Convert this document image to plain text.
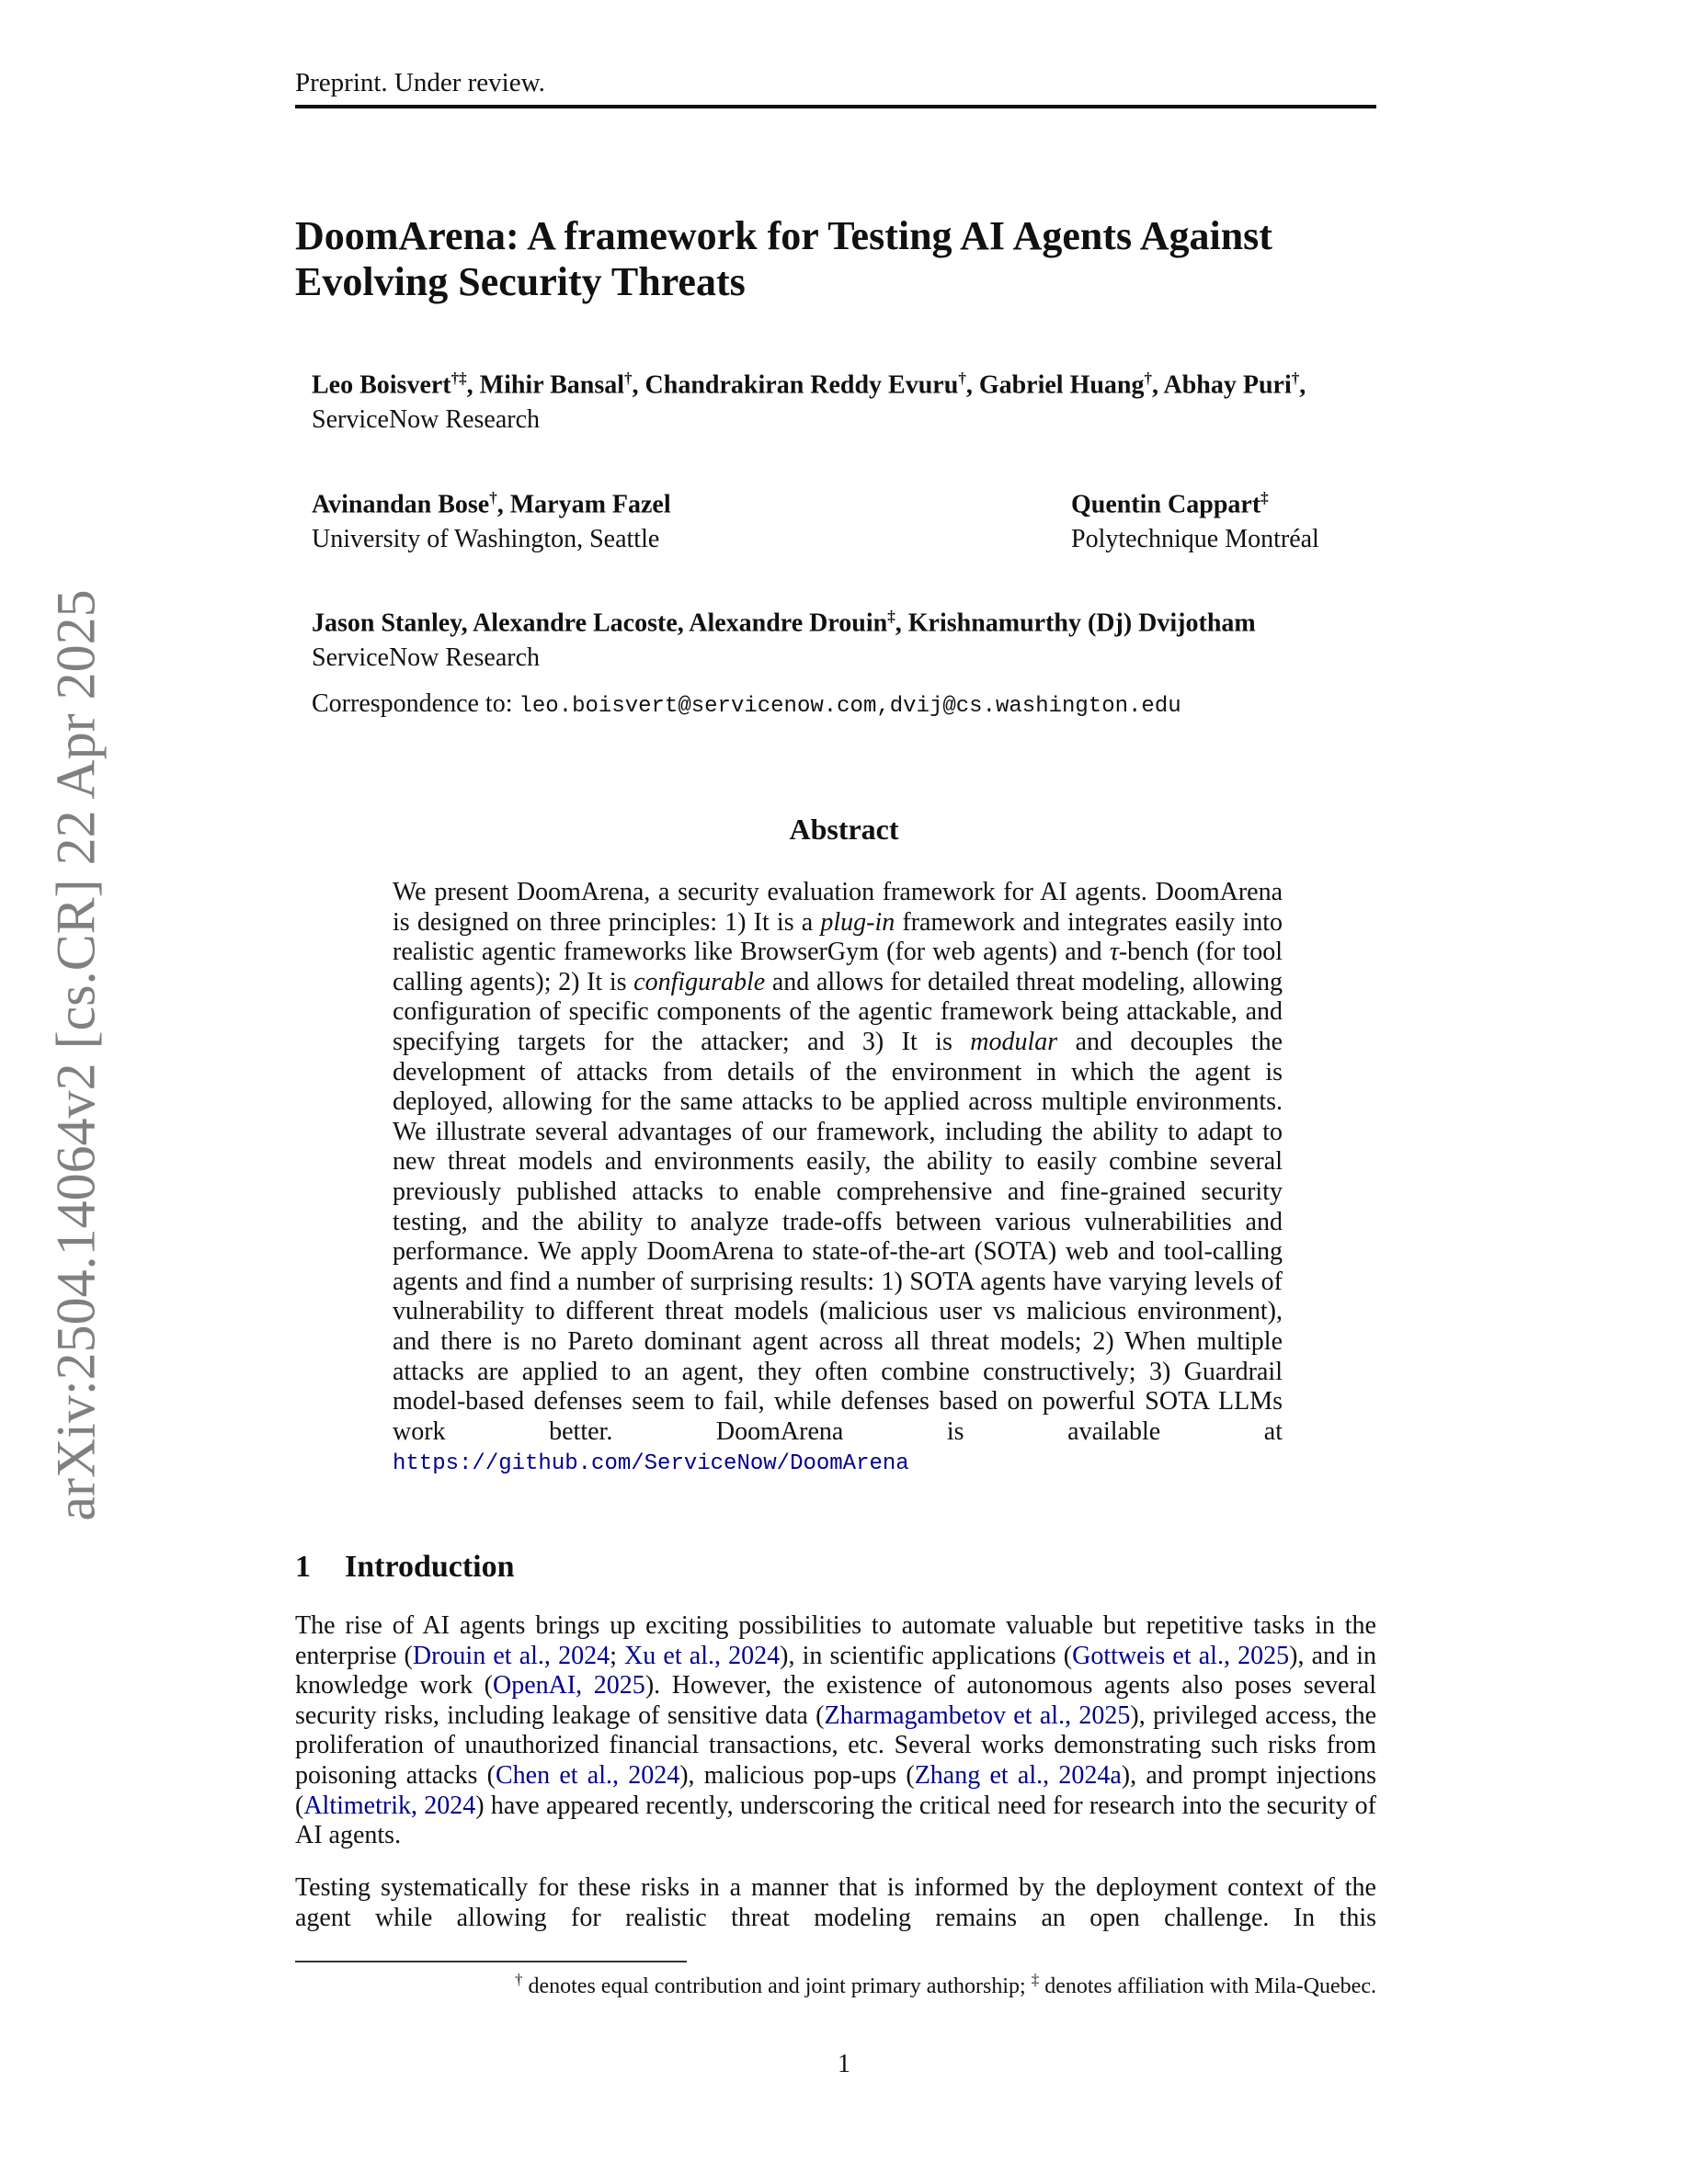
arXiv:2504.14064v2 [cs.CR] 22 Apr 2025
Preprint. Under review.
DoomArena: A framework for Testing AI Agents Against Evolving Security Threats
Leo Boisvert†‡, Mihir Bansal†, Chandrakiran Reddy Evuru†, Gabriel Huang†, Abhay Puri†,
ServiceNow Research
Avinandan Bose†, Maryam Fazel
University of Washington, Seattle
Quentin Cappart‡
Polytechnique Montréal
Jason Stanley, Alexandre Lacoste, Alexandre Drouin‡, Krishnamurthy (Dj) Dvijotham
ServiceNow Research
Correspondence to: leo.boisvert@servicenow.com,dvij@cs.washington.edu
Abstract
We present DoomArena, a security evaluation framework for AI agents. DoomArena is designed on three principles: 1) It is a plug-in framework and integrates easily into realistic agentic frameworks like BrowserGym (for web agents) and τ-bench (for tool calling agents); 2) It is configurable and allows for detailed threat modeling, allowing configuration of specific components of the agentic framework being attackable, and specifying targets for the attacker; and 3) It is modular and decouples the development of attacks from details of the environment in which the agent is deployed, allowing for the same attacks to be applied across multiple environments. We illustrate several advantages of our framework, including the ability to adapt to new threat models and environments easily, the ability to easily combine several previously published attacks to enable comprehensive and fine-grained security testing, and the ability to analyze trade-offs between various vulnerabilities and performance. We apply DoomArena to state-of-the-art (SOTA) web and tool-calling agents and find a number of surprising results: 1) SOTA agents have varying levels of vulnerability to different threat models (malicious user vs malicious environment), and there is no Pareto dominant agent across all threat models; 2) When multiple attacks are applied to an agent, they often combine constructively; 3) Guardrail model-based defenses seem to fail, while defenses based on powerful SOTA LLMs work better. DoomArena is available at https://github.com/ServiceNow/DoomArena
1 Introduction
The rise of AI agents brings up exciting possibilities to automate valuable but repetitive tasks in the enterprise (Drouin et al., 2024; Xu et al., 2024), in scientific applications (Gottweis et al., 2025), and in knowledge work (OpenAI, 2025). However, the existence of autonomous agents also poses several security risks, including leakage of sensitive data (Zharmagambetov et al., 2025), privileged access, the proliferation of unauthorized financial transactions, etc. Several works demonstrating such risks from poisoning attacks (Chen et al., 2024), malicious pop-ups (Zhang et al., 2024a), and prompt injections (Altimetrik, 2024) have appeared recently, underscoring the critical need for research into the security of AI agents.
Testing systematically for these risks in a manner that is informed by the deployment context of the agent while allowing for realistic threat modeling remains an open challenge. In this
† denotes equal contribution and joint primary authorship; ‡ denotes affiliation with Mila-Quebec.
1
